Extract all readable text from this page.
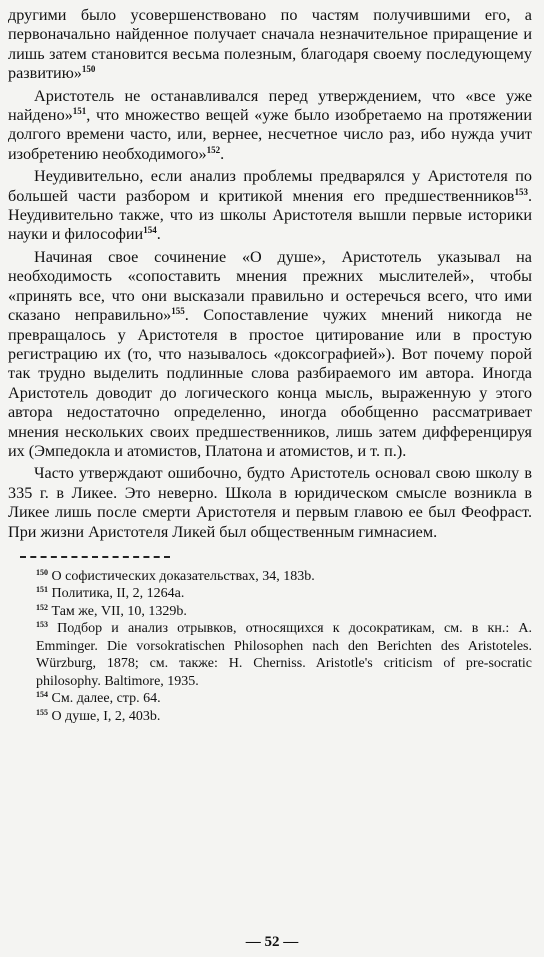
другими было усовершенствовано по частям получившими его, а первоначально найденное получает сначала незначительное приращение и лишь затем становится весьма полезным, благодаря своему последующему развитию»$^{150}$

Аристотель не останавливался перед утверждением, что «все уже найдено»$^{151}$, что множество вещей «уже было изобретаемо на протяжении долгого времени часто, или, вернее, несчетное число раз, ибо нужда учит изобретению необходимого»$^{152}$.

Неудивительно, если анализ проблемы предварялся у Аристотеля по большей части разбором и критикой мнения его предшественников$^{153}$. Неудивительно также, что из школы Аристотеля вышли первые историки науки и философии$^{154}$.

Начиная свое сочинение «О душе», Аристотель указывал на необходимость «сопоставить мнения прежних мыслителей», чтобы «принять все, что они высказали правильно и остеречься всего, что ими сказано неправильно»$^{155}$. Сопоставление чужих мнений никогда не превращалось у Аристотеля в простое цитирование или в простую регистрацию их (то, что называлось «доксографией»). Вот почему порой так трудно выделить подлинные слова разбираемого им автора. Иногда Аристотель доводит до логического конца мысль, выраженную у этого автора недостаточно определенно, иногда обобщенно рассматривает мнения нескольких своих предшественников, лишь затем дифференцируя их (Эмпедокла и атомистов, Платона и атомистов, и т. п.).

Часто утверждают ошибочно, будто Аристотель основал свою школу в 335 г. в Ликее. Это неверно. Школа в юридическом смысле возникла в Ликее лишь после смерти Аристотеля и первым главою ее был Феофраст. При жизни Аристотеля Ликей был общественным гимнасием.

$^{150}$ О софистических доказательствах, 34, 183b.

$^{151}$ Политика, II, 2, 1264a.

$^{152}$ Там же, VII, 10, 1329b.

$^{153}$ Подбор и анализ отрывков, относящихся к досократикам, см. в кн.: A. Emminger. Die vorsokratischen Philosophen nach den Berichten des Aristoteles. Würzburg, 1878; см. также: H. Cherniss. Aristotle's criticism of pre-socratic philosophy. Baltimore, 1935.

$^{154}$ См. далее, стр. 64.

$^{155}$ О душе, I, 2, 403b.

— 52 —
